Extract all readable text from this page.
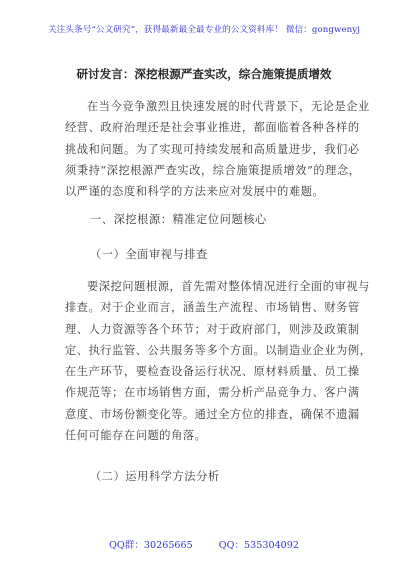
关注头条号“公文研究”，获得最新最全最专业的公文资料库！ 微信：gongwenyj
研讨发言：深挖根源严查实改，综合施策提质增效
在当今竞争激烈且快速发展的时代背景下，无论是企业
经营、政府治理还是社会事业推进，都面临着各种各样的
挑战和问题。为了实现可持续发展和高质量进步，我们必
须秉持“深挖根源严查实改，综合施策提质增效”的理念，
以严谨的态度和科学的方法来应对发展中的难题。
一、深挖根源：精准定位问题核心
（一）全面审视与排查
要深挖问题根源，首先需对整体情况进行全面的审视与
排查。对于企业而言，涵盖生产流程、市场销售、财务管
理、人力资源等各个环节；对于政府部门，则涉及政策制
定、执行监管、公共服务等多个方面。以制造业企业为例，
在生产环节，要检查设备运行状况、原材料质量、员工操
作规范等；在市场销售方面，需分析产品竞争力、客户满
意度、市场份额变化等。通过全方位的排查，确保不遗漏
任何可能存在问题的角落。
（二）运用科学方法分析
QQ群：30265665	QQ：535304092
